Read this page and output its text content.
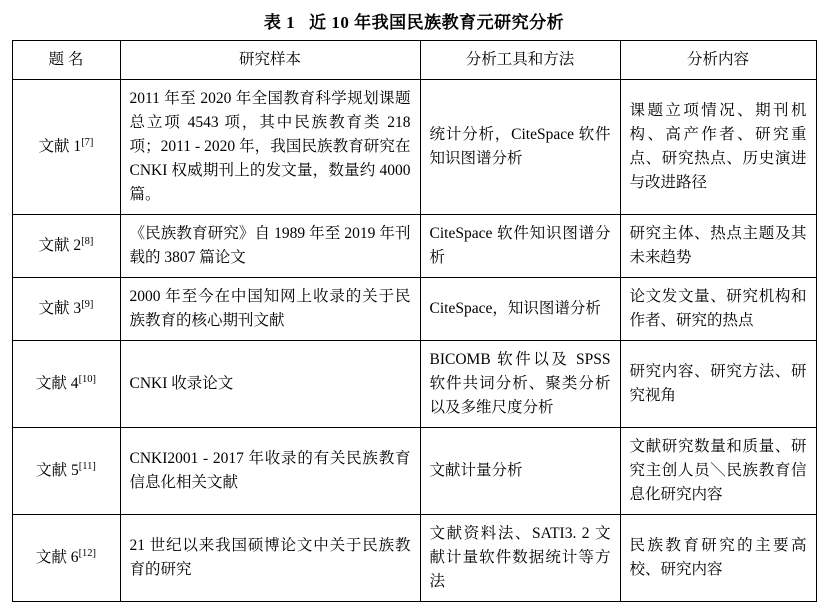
表 1 近 10 年我国民族教育元研究分析
题 名	研究样本	分析工具和方法	分析内容
文献 1[7]	2011 年至 2020 年全国教育科学规划课题总立项 4543 项，其中民族教育类 218 项；2011 - 2020 年，我国民族教育研究在 CNKI 权威期刊上的发文量，数量约 4000 篇。	统计分析，CiteSpace 软件知识图谱分析	课题立项情况、期刊机构、高产作者、研究重点、研究热点、历史演进与改进路径
文献 2[8]	《民族教育研究》自 1989 年至 2019 年刊载的 3807 篇论文	CiteSpace 软件知识图谱分析	研究主体、热点主题及其未来趋势
文献 3[9]	2000 年至今在中国知网上收录的关于民族教育的核心期刊文献	CiteSpace，知识图谱分析	论文发文量、研究机构和作者、研究的热点
文献 4[10]	CNKI 收录论文	BICOMB 软件以及 SPSS 软件共词分析、聚类分析以及多维尺度分析	研究内容、研究方法、研究视角
文献 5[11]	CNKI2001 - 2017 年收录的有关民族教育信息化相关文献	文献计量分析	文献研究数量和质量、研究主创人员＼民族教育信息化研究内容
文献 6[12]	21 世纪以来我国硕博论文中关于民族教育的研究	文献资料法、SATI3. 2 文献计量软件数据统计等方法	民族教育研究的主要高校、研究内容
